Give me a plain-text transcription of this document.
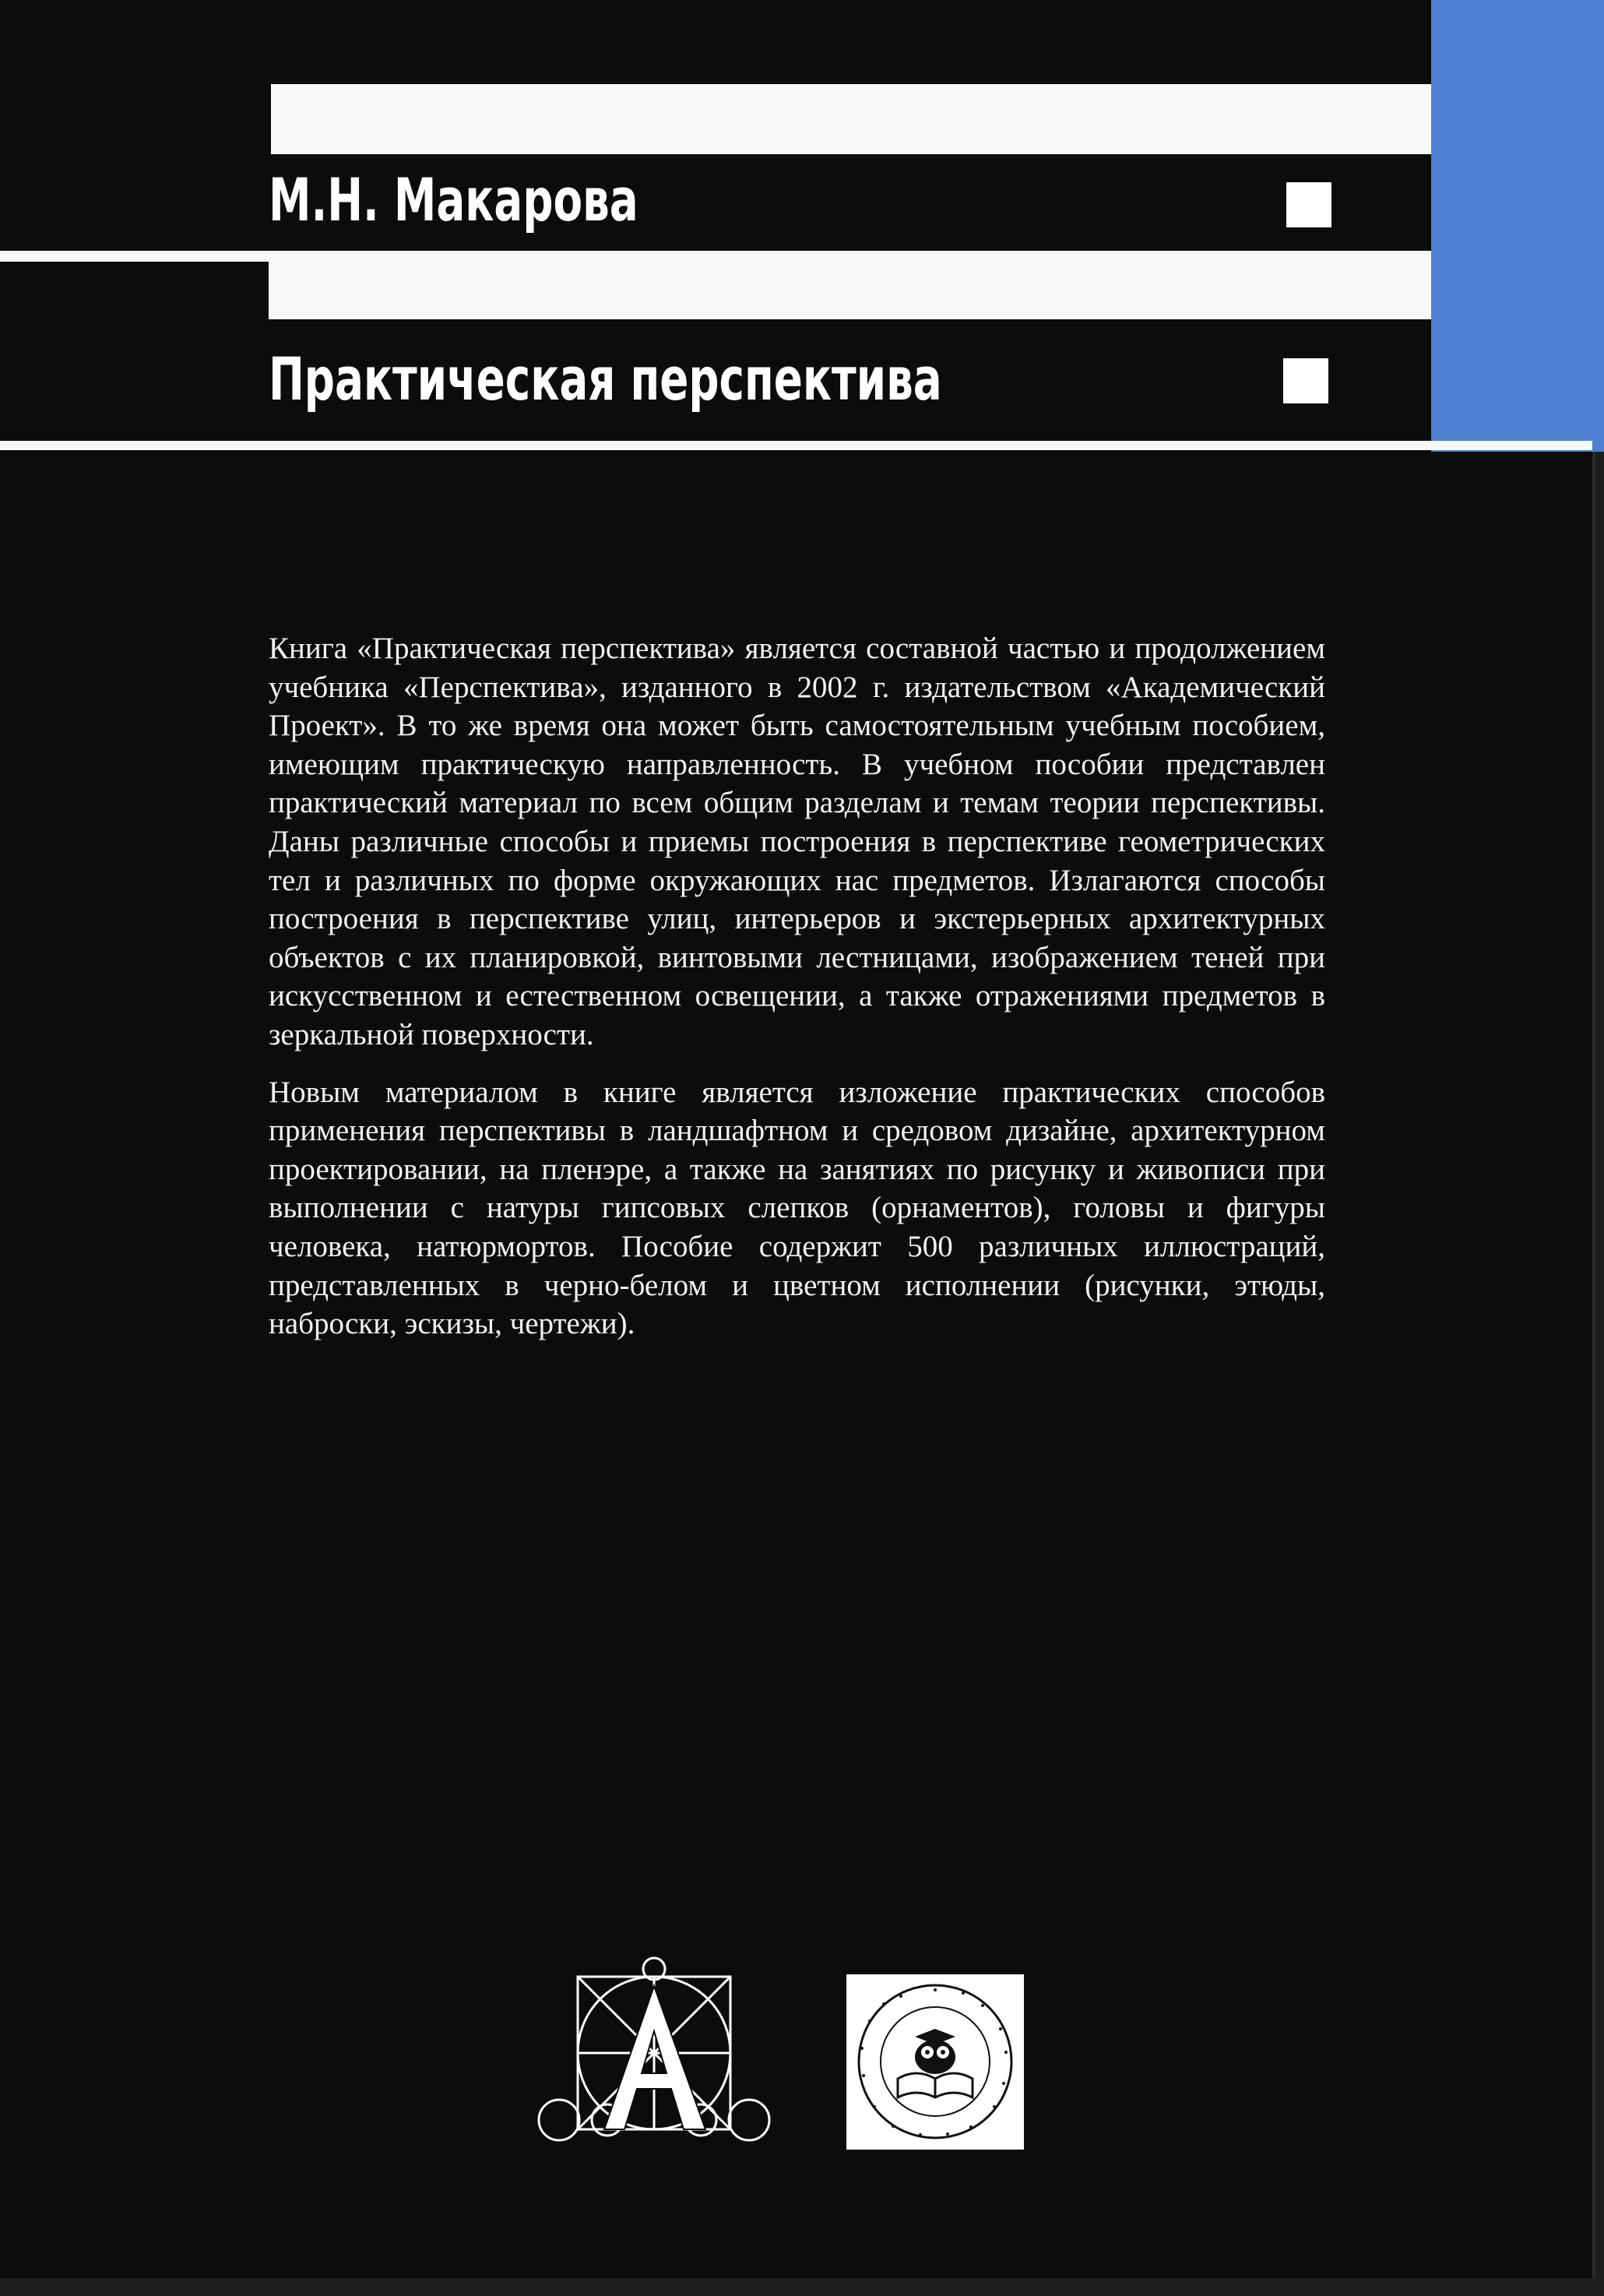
М.Н. Макарова
Практическая перспектива

Книга «Практическая перспектива» является составной частью и продолжением учебника «Перспектива», изданного в 2002 г. издательством «Академический Проект». В то же время она может быть самостоятельным учебным пособием, имеющим практическую направленность. В учебном пособии представлен практический материал по всем общим разделам и темам теории перспективы. Даны различные способы и приемы построения в перспективе геометрических тел и различных по форме окружающих нас предметов. Излагаются способы построения в перспективе улиц, интерьеров и экстерьерных архитектурных объектов с их планировкой, винтовыми лестницами, изображением теней при искусственном и естественном освещении, а также отражениями предметов в зеркальной поверхности.

Новым материалом в книге является изложение практических способов применения перспективы в ландшафтном и средовом дизайне, архитектурном проектировании, на пленэре, а также на занятиях по рисунку и живописи при выполнении с натуры гипсовых слепков (орнаментов), головы и фигуры человека, натюрмортов. Пособие содержит 500 различных иллюстраций, представленных в черно-белом и цветном исполнении (рисунки, этюды, наброски, эскизы, чертежи).
